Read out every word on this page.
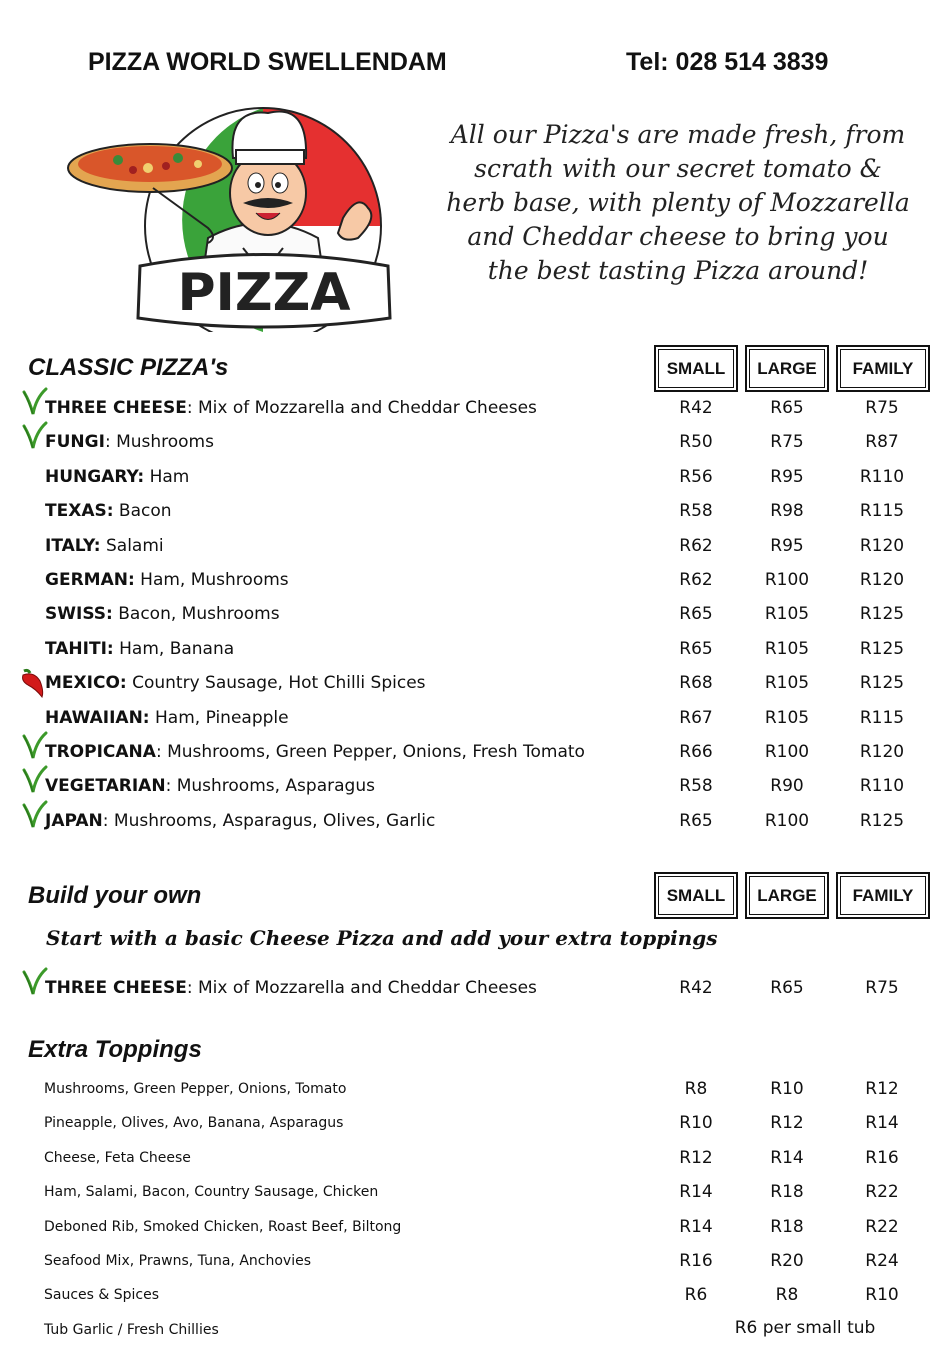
PIZZA WORLD SWELLENDAM	Tel: 028 514 3839
PIZZA
All our Pizza's are made fresh, from
scrath with our secret tomato &
herb base, with plenty of Mozzarella
and Cheddar cheese to bring you
the best tasting Pizza around!
CLASSIC PIZZA's	SMALL	LARGE	FAMILY
THREE CHEESE: Mix of Mozzarella and Cheddar Cheeses	R42	R65	R75
FUNGI: Mushrooms	R50	R75	R87
HUNGARY: Ham	R56	R95	R110
TEXAS: Bacon	R58	R98	R115
ITALY: Salami	R62	R95	R120
GERMAN: Ham, Mushrooms	R62	R100	R120
SWISS: Bacon, Mushrooms	R65	R105	R125
TAHITI: Ham, Banana	R65	R105	R125
MEXICO: Country Sausage, Hot Chilli Spices	R68	R105	R125
HAWAIIAN: Ham, Pineapple	R67	R105	R115
TROPICANA: Mushrooms, Green Pepper, Onions, Fresh Tomato	R66	R100	R120
VEGETARIAN: Mushrooms, Asparagus	R58	R90	R110
JAPAN: Mushrooms, Asparagus, Olives, Garlic	R65	R100	R125
Build your own	SMALL	LARGE	FAMILY
Start with a basic Cheese Pizza and add your extra toppings
THREE CHEESE: Mix of Mozzarella and Cheddar Cheeses	R42	R65	R75
Extra Toppings
Mushrooms, Green Pepper, Onions, Tomato	R8	R10	R12
Pineapple, Olives, Avo, Banana, Asparagus	R10	R12	R14
Cheese, Feta Cheese	R12	R14	R16
Ham, Salami, Bacon, Country Sausage, Chicken	R14	R18	R22
Deboned Rib, Smoked Chicken, Roast Beef, Biltong	R14	R18	R22
Seafood Mix, Prawns, Tuna, Anchovies	R16	R20	R24
Sauces & Spices	R6	R8	R10
Tub Garlic / Fresh Chillies	R6 per small tub
